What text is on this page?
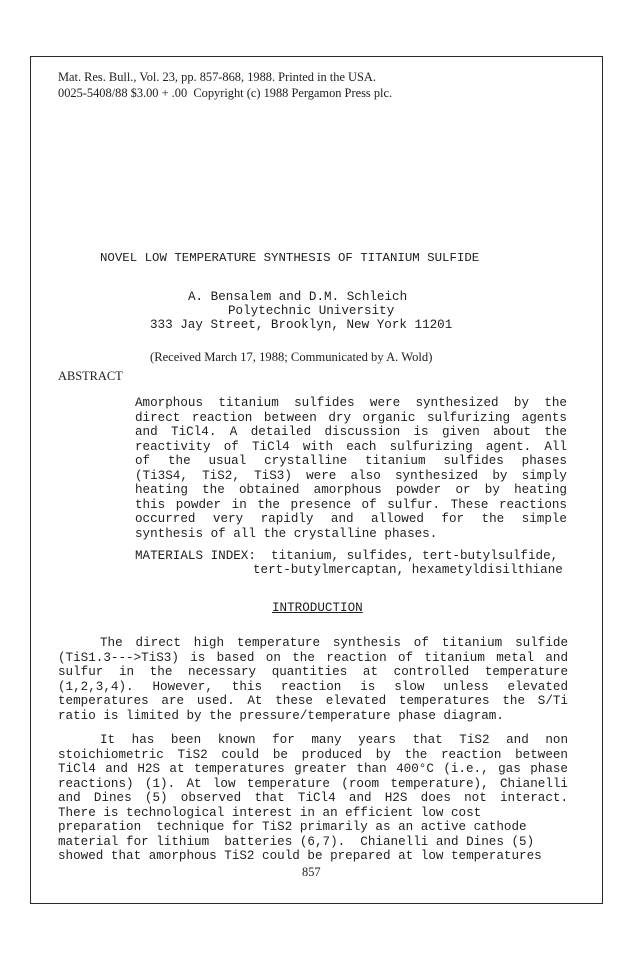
Mat. Res. Bull., Vol. 23, pp. 857-868, 1988. Printed in the USA.

0025-5408/88 $3.00 + .00  Copyright (c) 1988 Pergamon Press plc.

NOVEL LOW TEMPERATURE SYNTHESIS OF TITANIUM SULFIDE

A. Bensalem and D.M. Schleich

Polytechnic University

333 Jay Street, Brooklyn, New York 11201

(Received March 17, 1988; Communicated by A. Wold)

ABSTRACT

Amorphous titanium sulfides were synthesized by the

direct reaction between dry organic sulfurizing agents

and TiCl4. A detailed discussion is given about the

reactivity of TiCl4 with each sulfurizing agent. All

of the usual crystalline titanium sulfides phases

(Ti3S4, TiS2, TiS3) were also synthesized by simply

heating the obtained amorphous powder or by heating

this powder in the presence of sulfur. These reactions

occurred very rapidly and allowed for the simple

synthesis of all the crystalline phases.

MATERIALS INDEX:  titanium, sulfides, tert-butylsulfide,

tert-butylmercaptan, hexametyldisilthiane

INTRODUCTION

The direct high temperature synthesis of titanium sulfide

(TiS1.3--->TiS3) is based on the reaction of titanium metal and

sulfur in the necessary quantities at controlled temperature

(1,2,3,4). However, this reaction is slow unless elevated

temperatures are used. At these elevated temperatures the S/Ti

ratio is limited by the pressure/temperature phase diagram.

It has been known for many years that TiS2 and non

stoichiometric TiS2 could be produced by the reaction between

TiCl4 and H2S at temperatures greater than 400°C (i.e., gas phase

reactions) (1). At low temperature (room temperature), Chianelli

and Dines (5) observed that TiCl4 and H2S does not interact.

There is technological interest in an efficient low cost

preparation  technique for TiS2 primarily as an active cathode

material for lithium  batteries (6,7).  Chianelli and Dines (5)

showed that amorphous TiS2 could be prepared at low temperatures

857
